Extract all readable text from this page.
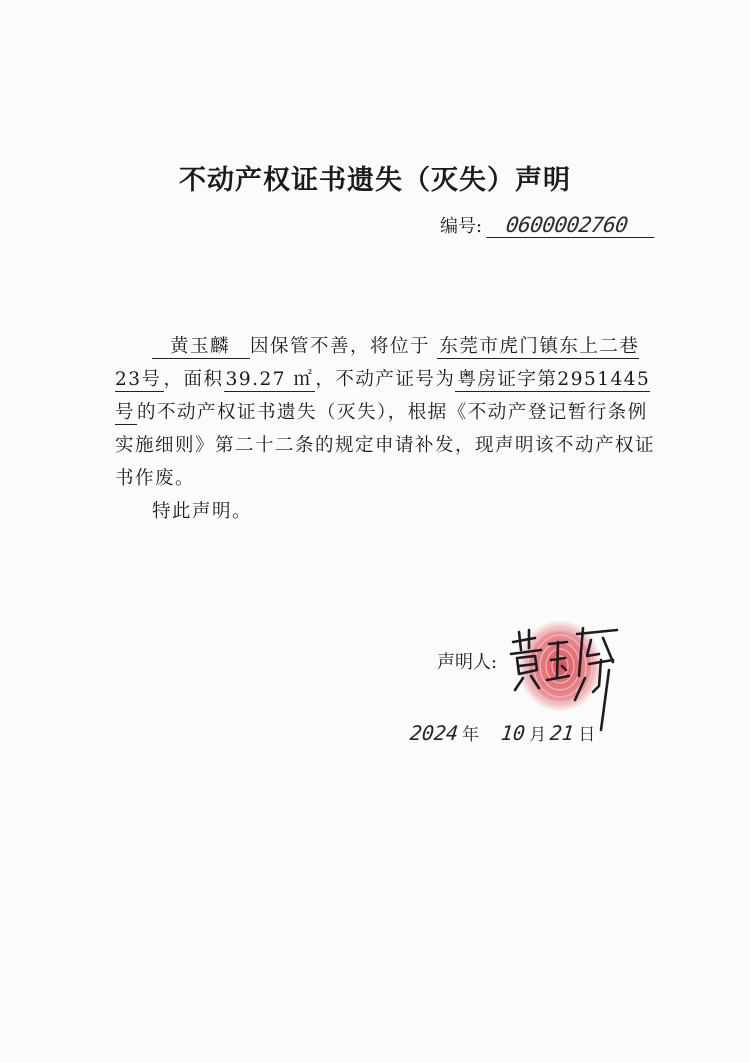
不动产权证书遗失（灭失）声明
编号: 0600002760

黄玉麟 因保管不善，将位于 东莞市虎门镇东上二巷23号 ，面积 39.27 ㎡ ，不动产证号为 粤房证字第2951445号 的不动产权证书遗失（灭失），根据《不动产登记暂行条例实施细则》第二十二条的规定申请补发，现声明该不动产权证书作废。

特此声明。

声明人:
2024 年 10 月 21 日
